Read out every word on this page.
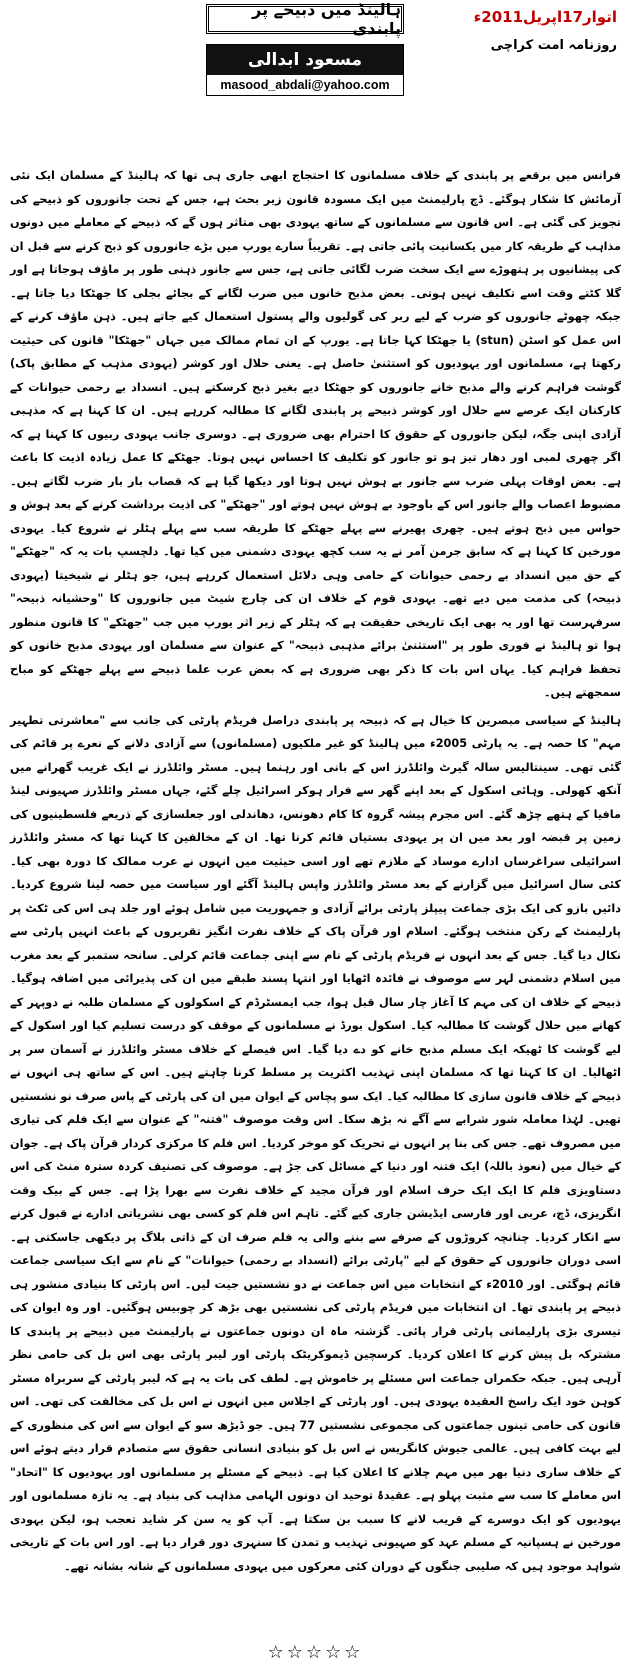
اتوار17اپریل2011ء
روزنامہ امت کراچی
ہالینڈ میں ذبیحے پر پابندی
مسعود ابدالی
masood_abdali@yahoo.com

فرانس میں برقعے پر پابندی کے خلاف مسلمانوں کا احتجاج ابھی جاری ہی تھا کہ ہالینڈ کے مسلمان ایک نئی آزمائش کا شکار ہوگئے۔ ڈچ پارلیمنٹ میں ایک مسودہ قانون زیر بحث ہے، جس کے تحت جانوروں کو ذبیحے کی تجویز کی گئی ہے۔ اس قانون سے مسلمانوں کے ساتھ یہودی بھی متاثر ہوں گے کہ ذبیحے کے معاملے میں دونوں مذاہب کے طریقہ کار میں یکسانیت پائی جاتی ہے۔ تقریباً سارے یورپ میں بڑے جانوروں کو ذبح کرنے سے قبل ان کی پیشانیوں پر ہتھوڑے سے ایک سخت ضرب لگائی جاتی ہے، جس سے جانور ذہنی طور پر ماؤف ہوجاتا ہے اور گلا کٹتے وقت اسے تکلیف نہیں ہوتی۔ بعض مذبح خانوں میں ضرب لگانے کے بجائے بجلی کا جھٹکا دیا جاتا ہے۔ جبکہ چھوٹے جانوروں کو ضرب کے لیے ربر کی گولیوں والے پستول استعمال کیے جاتے ہیں۔ ذہن ماؤف کرنے کے اس عمل کو اسٹن (stun) یا جھٹکا کہا جاتا ہے۔ یورپ کے ان تمام ممالک میں جہاں "جھٹکا" قانون کی حیثیت رکھتا ہے، مسلمانوں اور یہودیوں کو استثنیٰ حاصل ہے۔ یعنی حلال اور کوشر (یہودی مذہب کے مطابق پاک) گوشت فراہم کرنے والے مذبح خانے جانوروں کو جھٹکا دیے بغیر ذبح کرسکتے ہیں۔ انسداد بے رحمی حیوانات کے کارکنان ایک عرصے سے حلال اور کوشر ذبیحے پر پابندی لگانے کا مطالبہ کررہے ہیں۔ ان کا کہنا ہے کہ مذہبی آزادی اپنی جگہ، لیکن جانوروں کے حقوق کا احترام بھی ضروری ہے۔ دوسری جانب یہودی ربیوں کا کہنا ہے کہ اگر چھری لمبی اور دھار تیز ہو تو جانور کو تکلیف کا احساس نہیں ہوتا۔ جھٹکے کا عمل زیادہ اذیت کا باعث ہے۔ بعض اوقات پہلی ضرب سے جانور بے ہوش نہیں ہوتا اور دیکھا گیا ہے کہ قصاب بار بار ضرب لگاتے ہیں۔ مضبوط اعصاب والے جانور اس کے باوجود بے ہوش نہیں ہوتے اور "جھٹکے" کی اذیت برداشت کرنے کے بعد ہوش و حواس میں ذبح ہوتے ہیں۔ چھری پھیرنے سے پہلے جھٹکے کا طریقہ سب سے پہلے ہٹلر نے شروع کیا۔ یہودی مورخین کا کہنا ہے کہ سابق جرمن آمر نے یہ سب کچھ یہودی دشمنی میں کیا تھا۔ دلچسپ بات یہ کہ "جھٹکے" کے حق میں انسداد بے رحمی حیوانات کے حامی وہی دلائل استعمال کررہے ہیں، جو ہٹلر نے شیخیتا (یہودی ذبیحہ) کی مذمت میں دیے تھے۔ یہودی قوم کے خلاف ان کی چارج شیٹ میں جانوروں کا "وحشیانہ ذبیحہ" سرفہرست تھا اور یہ بھی ایک تاریخی حقیقت ہے کہ ہٹلر کے زیر اثر یورپ میں جب "جھٹکے" کا قانون منظور ہوا تو ہالینڈ نے فوری طور پر "استثنیٰ برائے مذہبی ذبیحہ" کے عنوان سے مسلمان اور یہودی مذبح خانوں کو تحفظ فراہم کیا۔ یہاں اس بات کا ذکر بھی ضروری ہے کہ بعض عرب علما ذبیحے سے پہلے جھٹکے کو مباح سمجھتے ہیں۔

ہالینڈ کے سیاسی مبصرین کا خیال ہے کہ ذبیحہ پر پابندی دراصل فریڈم پارٹی کی جانب سے "معاشرتی تطہیر مہم" کا حصہ ہے۔ یہ پارٹی 2005ء میں ہالینڈ کو غیر ملکیوں (مسلمانوں) سے آزادی دلانے کے نعرے پر قائم کی گئی تھی۔ سینتالیس سالہ گیرٹ وائلڈرز اس کے بانی اور رہنما ہیں۔ مسٹر وائلڈرز نے ایک غریب گھرانے میں آنکھ کھولی۔ وہائی اسکول کے بعد اپنے گھر سے فرار ہوکر اسرائیل چلے گئے، جہاں مسٹر وائلڈرز صہیونی لینڈ مافیا کے ہتھے چڑھ گئے۔ اس مجرم پیشہ گروہ کا کام دھونس، دھاندلی اور جعلسازی کے ذریعے فلسطینیوں کی زمین پر قبضہ اور بعد میں ان پر یہودی بستیاں قائم کرنا تھا۔ ان کے مخالفین کا کہنا تھا کہ مسٹر وائلڈرز اسرائیلی سراغرساں ادارے موساد کے ملازم تھے اور اسی حیثیت میں انہوں نے عرب ممالک کا دورہ بھی کیا۔ کئی سال اسرائیل میں گزارنے کے بعد مسٹر وائلڈرز واپس ہالینڈ آگئے اور سیاست میں حصہ لینا شروع کردیا۔ دائیں بازو کی ایک بڑی جماعت پیپلز پارٹی برائے آزادی و جمہوریت میں شامل ہوئے اور جلد ہی اس کی ٹکٹ پر پارلیمنٹ کے رکن منتخب ہوگئے۔ اسلام اور قرآن پاک کے خلاف نفرت انگیز تقریروں کے باعث انہیں پارٹی سے نکال دیا گیا۔ جس کے بعد انہوں نے فریڈم پارٹی کے نام سے اپنی جماعت قائم کرلی۔ سانحہ ستمبر کے بعد مغرب میں اسلام دشمنی لہر سے موصوف نے فائدہ اٹھایا اور انتہا پسند طبقے میں ان کی پذیرائی میں اضافہ ہوگیا۔ ذبیحے کے خلاف ان کی مہم کا آغاز چار سال قبل ہوا، جب ایمسٹرڈم کے اسکولوں کے مسلمان طلبہ نے دوپہر کے کھانے میں حلال گوشت کا مطالبہ کیا۔ اسکول بورڈ نے مسلمانوں کے موقف کو درست تسلیم کیا اور اسکول کے لیے گوشت کا ٹھیکہ ایک مسلم مذبح خانے کو دے دیا گیا۔ اس فیصلے کے خلاف مسٹر وائلڈرز نے آسمان سر پر اٹھالیا۔ ان کا کہنا تھا کہ مسلمان اپنی تہذیب اکثریت پر مسلط کرنا چاہتے ہیں۔ اس کے ساتھ ہی انہوں نے ذبیحے کے خلاف قانون سازی کا مطالبہ کیا۔ ایک سو پچاس کے ایوان میں ان کی پارٹی کے پاس صرف نو نشستیں تھیں۔ لہٰذا معاملہ شور شرابے سے آگے نہ بڑھ سکا۔ اس وقت موصوف "فتنہ" کے عنوان سے ایک فلم کی تیاری میں مصروف تھے۔ جس کی بنا پر انہوں نے تحریک کو موخر کردیا۔ اس فلم کا مرکزی کردار قرآن پاک ہے۔ جوان کے خیال میں (نعوذ باللہ) ایک فتنہ اور دنیا کے مسائل کی جڑ ہے۔ موصوف کی تصنیف کردہ سترہ منٹ کی اس دستاویزی فلم کا ایک ایک حرف اسلام اور قرآن مجید کے خلاف نفرت سے بھرا پڑا ہے۔ جس کے بیک وقت انگریزی، ڈچ، عربی اور فارسی ایڈیشن جاری کیے گئے۔ تاہم اس فلم کو کسی بھی نشریاتی ادارے نے قبول کرنے سے انکار کردیا۔ چنانچہ کروڑوں کے صرفے سے بننے والی یہ فلم صرف ان کے ذاتی بلاگ پر دیکھی جاسکتی ہے۔ اسی دوران جانوروں کے حقوق کے لیے "پارٹی برائے (انسداد بے رحمی) حیوانات" کے نام سے ایک سیاسی جماعت قائم ہوگئی۔ اور 2010ء کے انتخابات میں اس جماعت نے دو نشستیں جیت لیں۔ اس پارٹی کا بنیادی منشور ہی ذبیحے پر پابندی تھا۔ ان انتخابات میں فریڈم پارٹی کی نشستیں بھی بڑھ کر چوبیس ہوگئیں۔ اور وہ ایوان کی تیسری بڑی پارلیمانی پارٹی قرار پائی۔ گزشتہ ماہ ان دونوں جماعتوں نے پارلیمنٹ میں ذبیحے پر پابندی کا مشترکہ بل پیش کرنے کا اعلان کردیا۔ کرسچین ڈیموکریٹک پارٹی اور لیبر پارٹی بھی اس بل کی حامی نظر آرہی ہیں۔ جبکہ حکمراں جماعت اس مسئلے پر خاموش ہے۔ لطف کی بات یہ ہے کہ لیبر پارٹی کے سربراہ مسٹر کوہن خود ایک راسخ العقیدہ یہودی ہیں۔ اور پارٹی کے اجلاس میں انہوں نے اس بل کی مخالفت کی تھی۔ اس قانون کی حامی تینوں جماعتوں کی مجموعی نشستیں 77 ہیں۔ جو ڈیڑھ سو کے ایوان سے اس کی منظوری کے لیے بہت کافی ہیں۔ عالمی جیوش کانگریس نے اس بل کو بنیادی انسانی حقوق سے متصادم قرار دیتے ہوئے اس کے خلاف ساری دنیا بھر میں مہم چلانے کا اعلان کیا ہے۔ ذبیحے کے مسئلے پر مسلمانوں اور یہودیوں کا "اتحاد" اس معاملے کا سب سے مثبت پہلو ہے۔ عقیدۂ توحید ان دونوں الہامی مذاہب کی بنیاد ہے۔ یہ تازہ مسلمانوں اور یہودیوں کو ایک دوسرے کے قریب لانے کا سبب بن سکتا ہے۔ آپ کو یہ سن کر شاید تعجب ہو، لیکن یہودی مورخین نے ہسپانیہ کے مسلم عہد کو صہیونی تہذیب و تمدن کا سنہری دور قرار دیا ہے۔ اور اس بات کے تاریخی شواہد موجود ہیں کہ صلیبی جنگوں کے دوران کئی معرکوں میں یہودی مسلمانوں کے شانہ بشانہ تھے۔

☆☆☆☆☆
